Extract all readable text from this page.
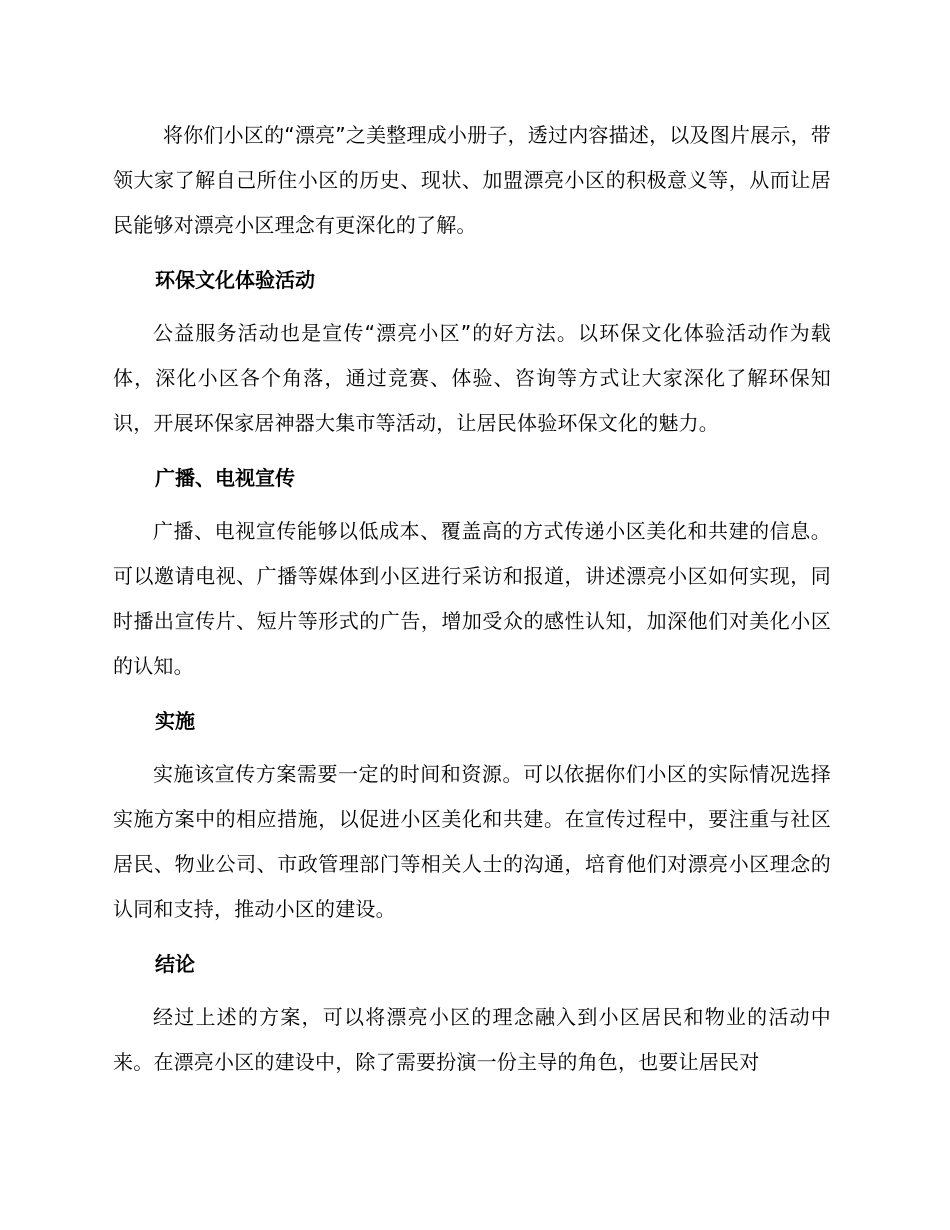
将你们小区的“漂亮”之美整理成小册子，透过内容描述，以及图片展示，带领大家了解自己所住小区的历史、现状、加盟漂亮小区的积极意义等，从而让居民能够对漂亮小区理念有更深化的了解。

环保文化体验活动

公益服务活动也是宣传“漂亮小区”的好方法。以环保文化体验活动作为载体，深化小区各个角落，通过竞赛、体验、咨询等方式让大家深化了解环保知识，开展环保家居神器大集市等活动，让居民体验环保文化的魅力。

广播、电视宣传

广播、电视宣传能够以低成本、覆盖高的方式传递小区美化和共建的信息。可以邀请电视、广播等媒体到小区进行采访和报道，讲述漂亮小区如何实现，同时播出宣传片、短片等形式的广告，增加受众的感性认知，加深他们对美化小区的认知。

实施

实施该宣传方案需要一定的时间和资源。可以依据你们小区的实际情况选择实施方案中的相应措施，以促进小区美化和共建。在宣传过程中，要注重与社区居民、物业公司、市政管理部门等相关人士的沟通，培育他们对漂亮小区理念的认同和支持，推动小区的建设。

结论

经过上述的方案，可以将漂亮小区的理念融入到小区居民和物业的活动中来。在漂亮小区的建设中，除了需要扮演一份主导的角色，也要让居民对
